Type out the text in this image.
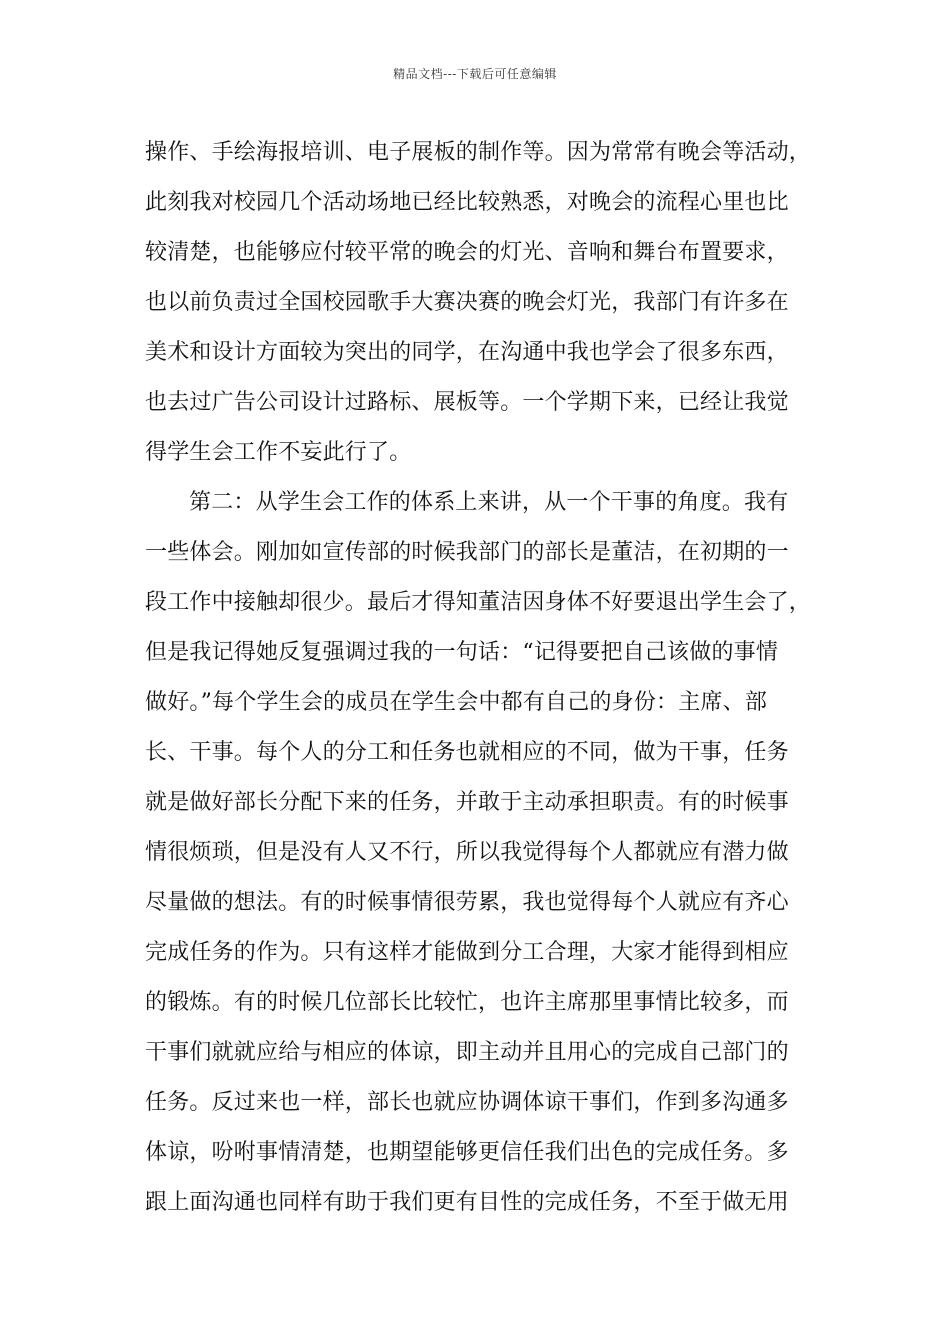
精品文档---下载后可任意编辑
操作、手绘海报培训、电子展板的制作等。因为常常有晚会等活动，
此刻我对校园几个活动场地已经比较熟悉，对晚会的流程心里也比
较清楚，也能够应付较平常的晚会的灯光、音响和舞台布置要求，
也以前负责过全国校园歌手大赛决赛的晚会灯光，我部门有许多在
美术和设计方面较为突出的同学，在沟通中我也学会了很多东西，
也去过广告公司设计过路标、展板等。一个学期下来，已经让我觉
得学生会工作不妄此行了。
第二：从学生会工作的体系上来讲，从一个干事的角度。我有
一些体会。刚加如宣传部的时候我部门的部长是董洁，在初期的一
段工作中接触却很少。最后才得知董洁因身体不好要退出学生会了，
但是我记得她反复强调过我的一句话：“记得要把自己该做的事情
做好。”每个学生会的成员在学生会中都有自己的身份：主席、部
长、干事。每个人的分工和任务也就相应的不同，做为干事，任务
就是做好部长分配下来的任务，并敢于主动承担职责。有的时候事
情很烦琐，但是没有人又不行，所以我觉得每个人都就应有潜力做
尽量做的想法。有的时候事情很劳累，我也觉得每个人就应有齐心
完成任务的作为。只有这样才能做到分工合理，大家才能得到相应
的锻炼。有的时候几位部长比较忙，也许主席那里事情比较多，而
干事们就就应给与相应的体谅，即主动并且用心的完成自己部门的
任务。反过来也一样，部长也就应协调体谅干事们，作到多沟通多
体谅，吩咐事情清楚，也期望能够更信任我们出色的完成任务。多
跟上面沟通也同样有助于我们更有目性的完成任务，不至于做无用
